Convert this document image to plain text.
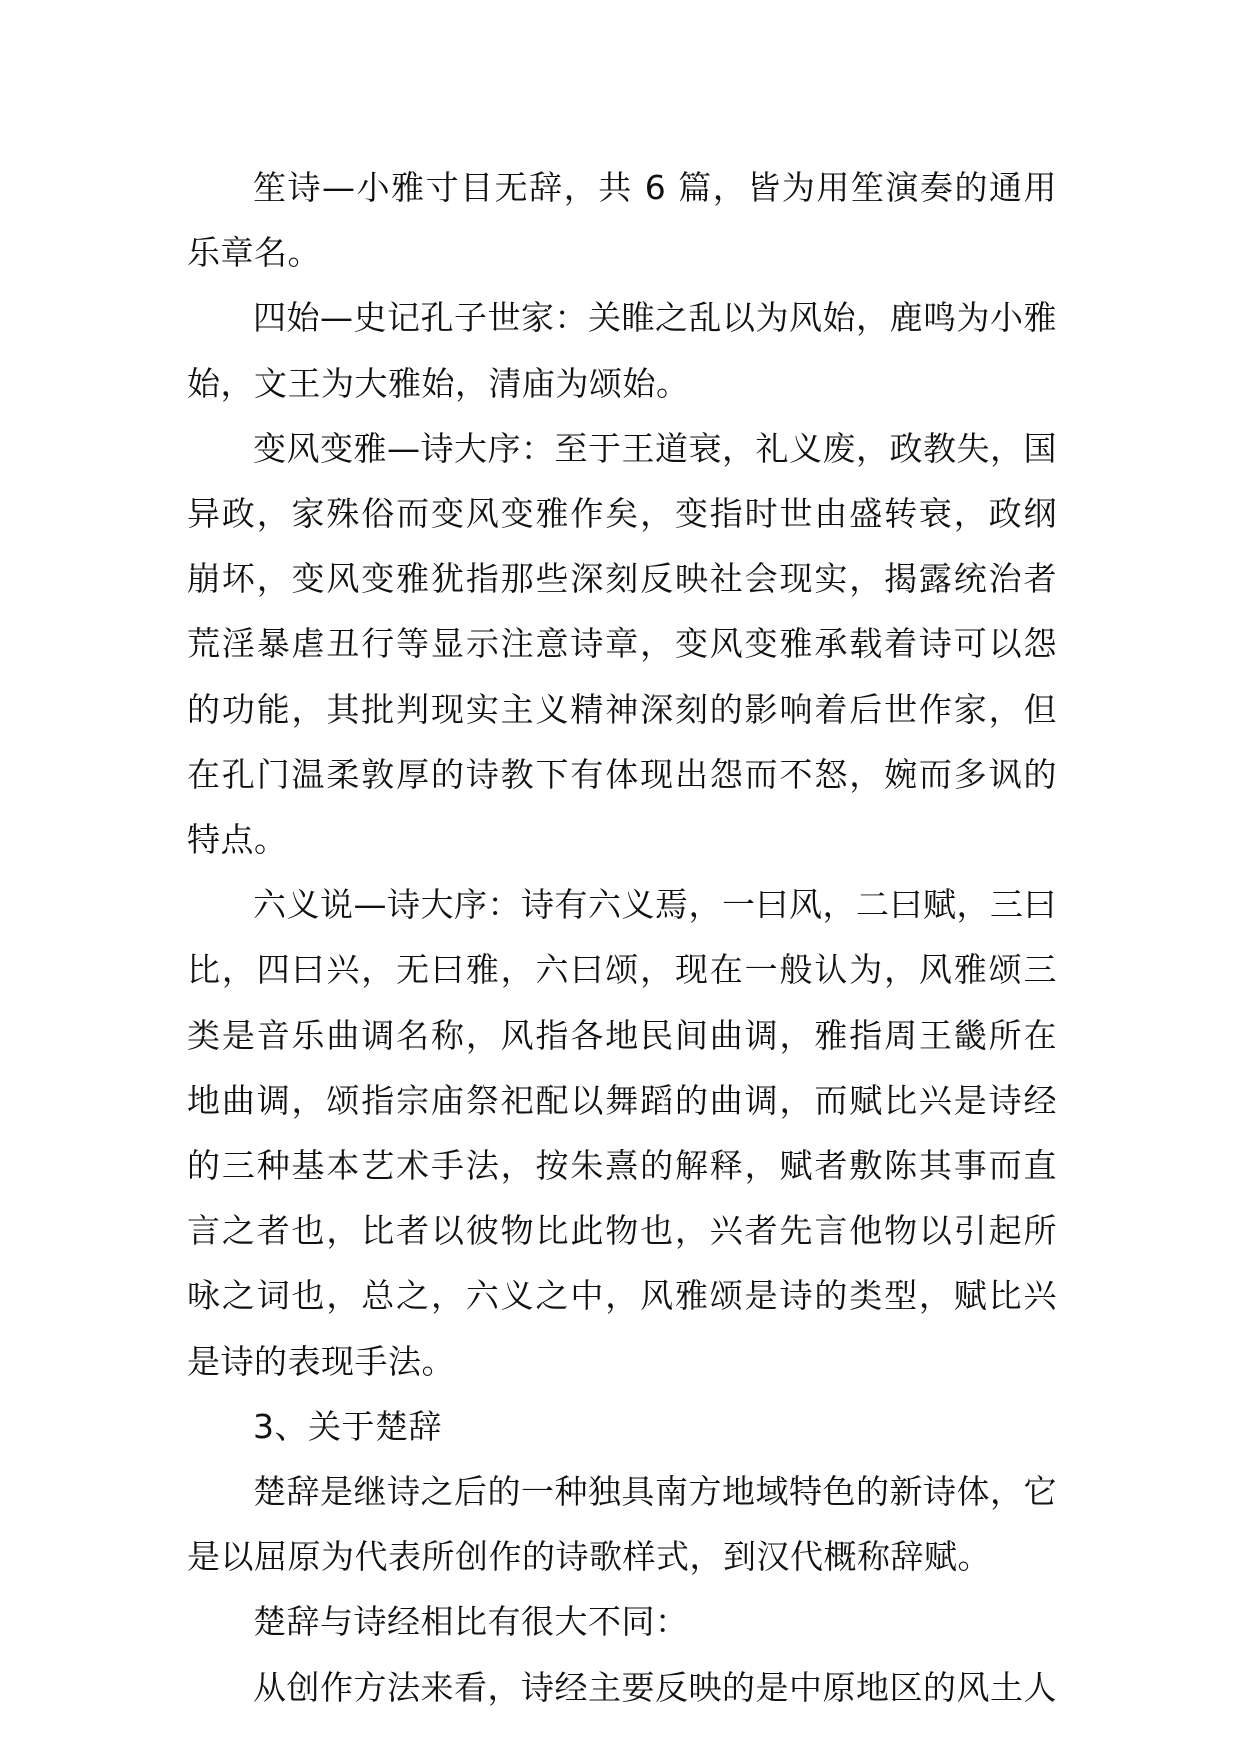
笙诗—小雅寸目无辞，共 6 篇，皆为用笙演奏的通用乐章名。

四始—史记孔子世家：关睢之乱以为风始，鹿鸣为小雅始，文王为大雅始，清庙为颂始。

变风变雅—诗大序：至于王道衰，礼义废，政教失，国异政，家殊俗而变风变雅作矣，变指时世由盛转衰，政纲崩坏，变风变雅犹指那些深刻反映社会现实，揭露统治者荒淫暴虐丑行等显示注意诗章，变风变雅承载着诗可以怨的功能，其批判现实主义精神深刻的影响着后世作家，但在孔门温柔敦厚的诗教下有体现出怨而不怒，婉而多讽的特点。

六义说—诗大序：诗有六义焉，一曰风，二曰赋，三曰比，四曰兴，无曰雅，六曰颂，现在一般认为，风雅颂三类是音乐曲调名称，风指各地民间曲调，雅指周王畿所在地曲调，颂指宗庙祭祀配以舞蹈的曲调，而赋比兴是诗经的三种基本艺术手法，按朱熹的解释，赋者敷陈其事而直言之者也，比者以彼物比此物也，兴者先言他物以引起所咏之词也，总之，六义之中，风雅颂是诗的类型，赋比兴是诗的表现手法。

3、关于楚辞

楚辞是继诗之后的一种独具南方地域特色的新诗体，它是以屈原为代表所创作的诗歌样式，到汉代概称辞赋。

楚辞与诗经相比有很大不同：

从创作方法来看，诗经主要反映的是中原地区的风土人
